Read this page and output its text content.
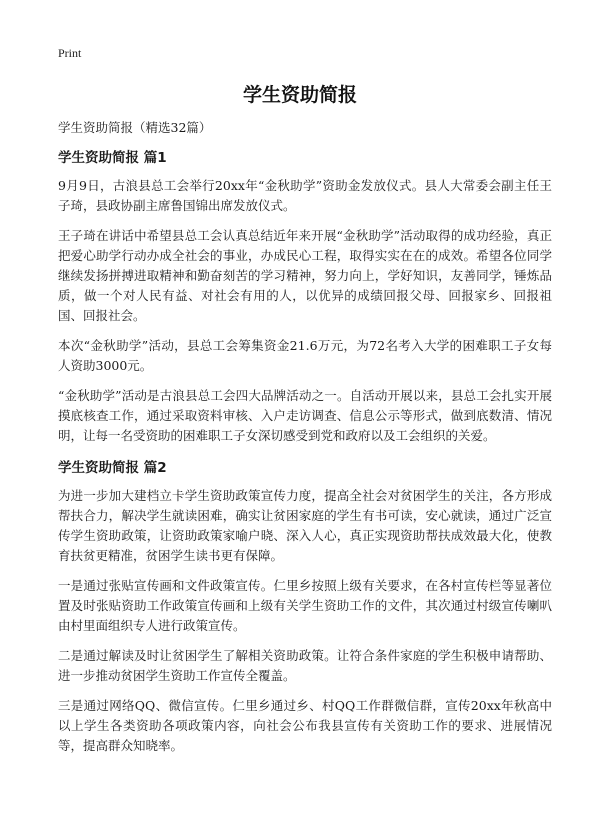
Print
学生资助简报

学生资助简报（精选32篇）

学生资助简报 篇1

9月9日，古浪县总工会举行20xx年“金秋助学”资助金发放仪式。县人大常委会副主任王子琦，县政协副主席鲁国锦出席发放仪式。

王子琦在讲话中希望县总工会认真总结近年来开展“金秋助学”活动取得的成功经验，真正把爱心助学行动办成全社会的事业，办成民心工程，取得实实在在的成效。希望各位同学继续发扬拼搏进取精神和勤奋刻苦的学习精神，努力向上，学好知识，友善同学，锤炼品质，做一个对人民有益、对社会有用的人，以优异的成绩回报父母、回报家乡、回报祖国、回报社会。

本次“金秋助学”活动，县总工会筹集资金21.6万元，为72名考入大学的困难职工子女每人资助3000元。

“金秋助学”活动是古浪县总工会四大品牌活动之一。自活动开展以来，县总工会扎实开展摸底核查工作，通过采取资料审核、入户走访调查、信息公示等形式，做到底数清、情况明，让每一名受资助的困难职工子女深切感受到党和政府以及工会组织的关爱。

学生资助简报 篇2

为进一步加大建档立卡学生资助政策宣传力度，提高全社会对贫困学生的关注，各方形成帮扶合力，解决学生就读困难，确实让贫困家庭的学生有书可读，安心就读，通过广泛宣传学生资助政策，让资助政策家喻户晓、深入人心，真正实现资助帮扶成效最大化，使教育扶贫更精准，贫困学生读书更有保障。

一是通过张贴宣传画和文件政策宣传。仁里乡按照上级有关要求，在各村宣传栏等显著位置及时张贴资助工作政策宣传画和上级有关学生资助工作的文件，其次通过村级宣传喇叭由村里面组织专人进行政策宣传。

二是通过解读及时让贫困学生了解相关资助政策。让符合条件家庭的学生积极申请帮助、进一步推动贫困学生资助工作宣传全覆盖。

三是通过网络QQ、微信宣传。仁里乡通过乡、村QQ工作群微信群，宣传20xx年秋高中以上学生各类资助各项政策内容，向社会公布我县宣传有关资助工作的要求、进展情况等，提高群众知晓率。
